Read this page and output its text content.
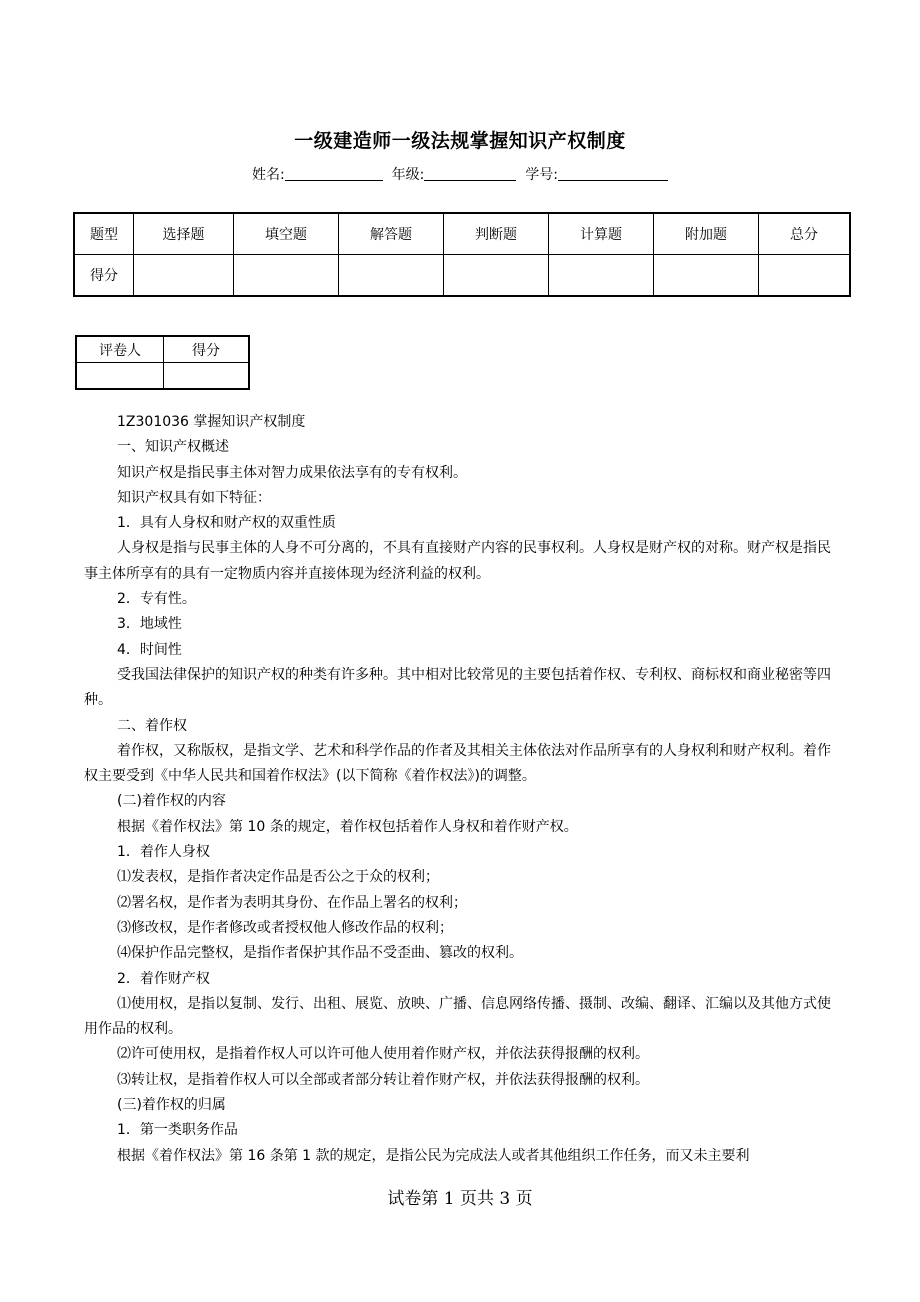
一级建造师一级法规掌握知识产权制度
姓名:	年级:	学号:
题型	选择题	填空题	解答题	判断题	计算题	附加题	总分
得分							
评卷人	得分

1Z301036 掌握知识产权制度

一、知识产权概述

知识产权是指民事主体对智力成果依法享有的专有权利。

知识产权具有如下特征：

1．具有人身权和财产权的双重性质

人身权是指与民事主体的人身不可分离的，不具有直接财产内容的民事权利。人身权是财产权的对称。财产权是指民事主体所享有的具有一定物质内容并直接体现为经济利益的权利。

2．专有性。

3．地域性

4．时间性

受我国法律保护的知识产权的种类有许多种。其中相对比较常见的主要包括着作权、专利权、商标权和商业秘密等四种。

二、着作权

着作权，又称版权，是指文学、艺术和科学作品的作者及其相关主体依法对作品所享有的人身权利和财产权利。着作权主要受到《中华人民共和国着作权法》(以下简称《着作权法》)的调整。

(二)着作权的内容

根据《着作权法》第 10 条的规定，着作权包括着作人身权和着作财产权。

1．着作人身权

⑴发表权，是指作者决定作品是否公之于众的权利；

⑵署名权，是作者为表明其身份、在作品上署名的权利；

⑶修改权，是作者修改或者授权他人修改作品的权利；

⑷保护作品完整权，是指作者保护其作品不受歪曲、篡改的权利。

2．着作财产权

⑴使用权，是指以复制、发行、出租、展览、放映、广播、信息网络传播、摄制、改编、翻译、汇编以及其他方式使用作品的权利。

⑵许可使用权，是指着作权人可以许可他人使用着作财产权，并依法获得报酬的权利。

⑶转让权，是指着作权人可以全部或者部分转让着作财产权，并依法获得报酬的权利。

(三)着作权的归属

1．第一类职务作品

根据《着作权法》第 16 条第 1 款的规定，是指公民为完成法人或者其他组织工作任务，而又未主要利

试卷第 1 页共 3 页
